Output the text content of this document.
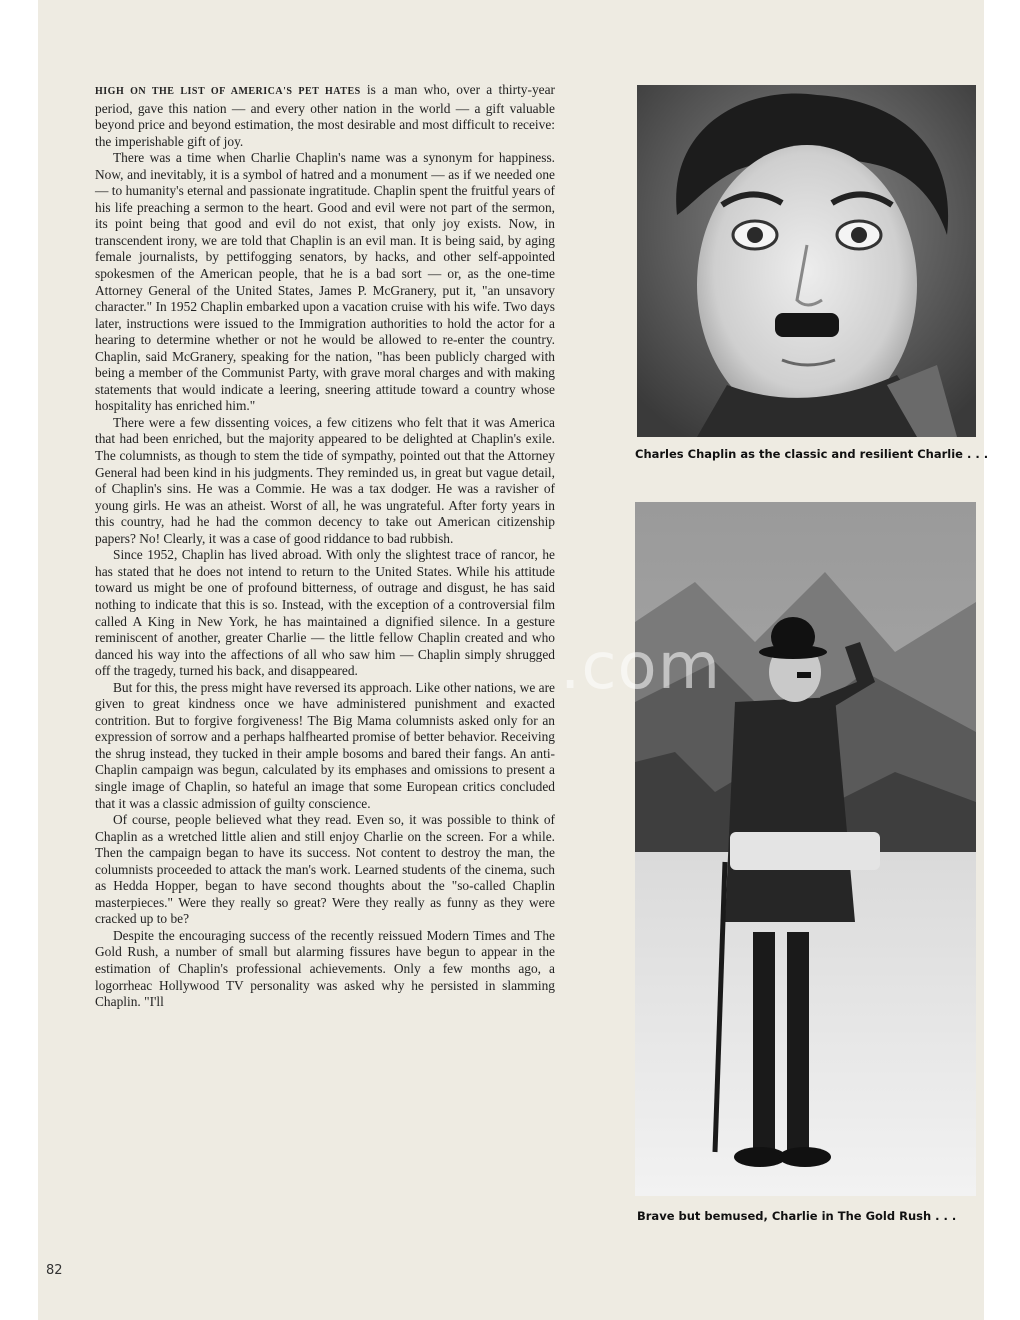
HIGH ON THE LIST OF AMERICA'S PET HATES is a man who, over a thirty-year period, gave this nation — and every other nation in the world — a gift valuable beyond price and beyond estimation, the most desirable and most difficult to receive: the imperishable gift of joy.

There was a time when Charlie Chaplin's name was a synonym for happiness. Now, and inevitably, it is a symbol of hatred and a monument — as if we needed one — to humanity's eternal and passionate ingratitude. Chaplin spent the fruitful years of his life preaching a sermon to the heart. Good and evil were not part of the sermon, its point being that good and evil do not exist, that only joy exists. Now, in transcendent irony, we are told that Chaplin is an evil man. It is being said, by aging female journalists, by pettifogging senators, by hacks, and other self-appointed spokesmen of the American people, that he is a bad sort — or, as the one-time Attorney General of the United States, James P. McGranery, put it, "an unsavory character." In 1952 Chaplin embarked upon a vacation cruise with his wife. Two days later, instructions were issued to the Immigration authorities to hold the actor for a hearing to determine whether or not he would be allowed to re-enter the country. Chaplin, said McGranery, speaking for the nation, "has been publicly charged with being a member of the Communist Party, with grave moral charges and with making statements that would indicate a leering, sneering attitude toward a country whose hospitality has enriched him."

There were a few dissenting voices, a few citizens who felt that it was America that had been enriched, but the majority appeared to be delighted at Chaplin's exile. The columnists, as though to stem the tide of sympathy, pointed out that the Attorney General had been kind in his judgments. They reminded us, in great but vague detail, of Chaplin's sins. He was a Commie. He was a tax dodger. He was a ravisher of young girls. He was an atheist. Worst of all, he was ungrateful. After forty years in this country, had he had the common decency to take out American citizenship papers? No! Clearly, it was a case of good riddance to bad rubbish.

Since 1952, Chaplin has lived abroad. With only the slightest trace of rancor, he has stated that he does not intend to return to the United States. While his attitude toward us might be one of profound bitterness, of outrage and disgust, he has said nothing to indicate that this is so. Instead, with the exception of a controversial film called A King in New York, he has maintained a dignified silence. In a gesture reminiscent of another, greater Charlie — the little fellow Chaplin created and who danced his way into the affections of all who saw him — Chaplin simply shrugged off the tragedy, turned his back, and disappeared.

But for this, the press might have reversed its approach. Like other nations, we are given to great kindness once we have administered punishment and exacted contrition. But to forgive forgiveness! The Big Mama columnists asked only for an expression of sorrow and a perhaps halfhearted promise of better behavior. Receiving the shrug instead, they tucked in their ample bosoms and bared their fangs. An anti-Chaplin campaign was begun, calculated by its emphases and omissions to present a single image of Chaplin, so hateful an image that some European critics concluded that it was a classic admission of guilty conscience.

Of course, people believed what they read. Even so, it was possible to think of Chaplin as a wretched little alien and still enjoy Charlie on the screen. For a while. Then the campaign began to have its success. Not content to destroy the man, the columnists proceeded to attack the man's work. Learned students of the cinema, such as Hedda Hopper, began to have second thoughts about the "so-called Chaplin masterpieces." Were they really so great? Were they really as funny as they were cracked up to be?

Despite the encouraging success of the recently reissued Modern Times and The Gold Rush, a number of small but alarming fissures have begun to appear in the estimation of Chaplin's professional achievements. Only a few months ago, a logorrheac Hollywood TV personality was asked why he persisted in slamming Chaplin. "I'll

Charles Chaplin as the classic and resilient Charlie . . .
Brave but bemused, Charlie in The Gold Rush . . .
.com
82
